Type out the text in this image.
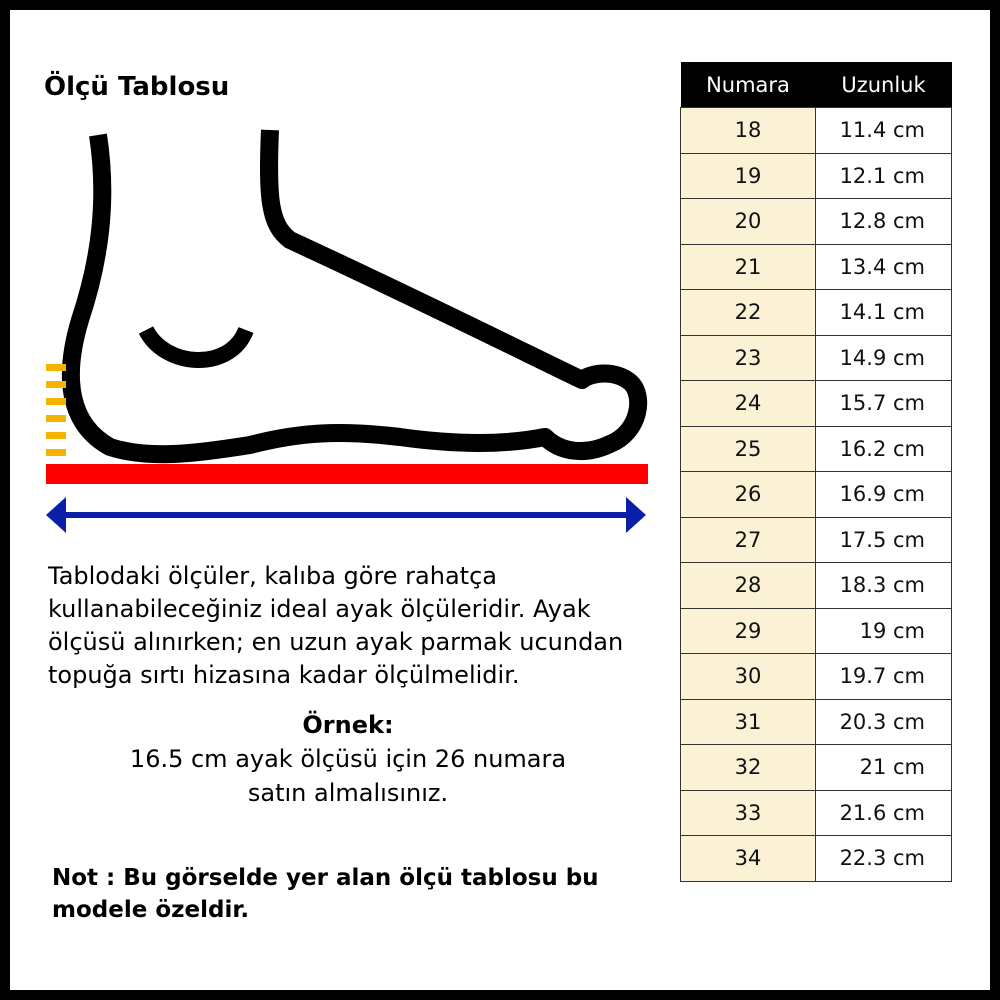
Ölçü Tablosu
Tablodaki ölçüler, kalıba göre rahatça
kullanabileceğiniz ideal ayak ölçüleridir. Ayak
ölçüsü alınırken; en uzun ayak parmak ucundan
topuğa sırtı hizasına kadar ölçülmelidir.
Örnek:
16.5 cm ayak ölçüsü için 26 numara
satın almalısınız.
Not : Bu görselde yer alan ölçü tablosu bu
modele özeldir.
Numara	Uzunluk
18	11.4 cm
19	12.1 cm
20	12.8 cm
21	13.4 cm
22	14.1 cm
23	14.9 cm
24	15.7 cm
25	16.2 cm
26	16.9 cm
27	17.5 cm
28	18.3 cm
29	19 cm
30	19.7 cm
31	20.3 cm
32	21 cm
33	21.6 cm
34	22.3 cm
